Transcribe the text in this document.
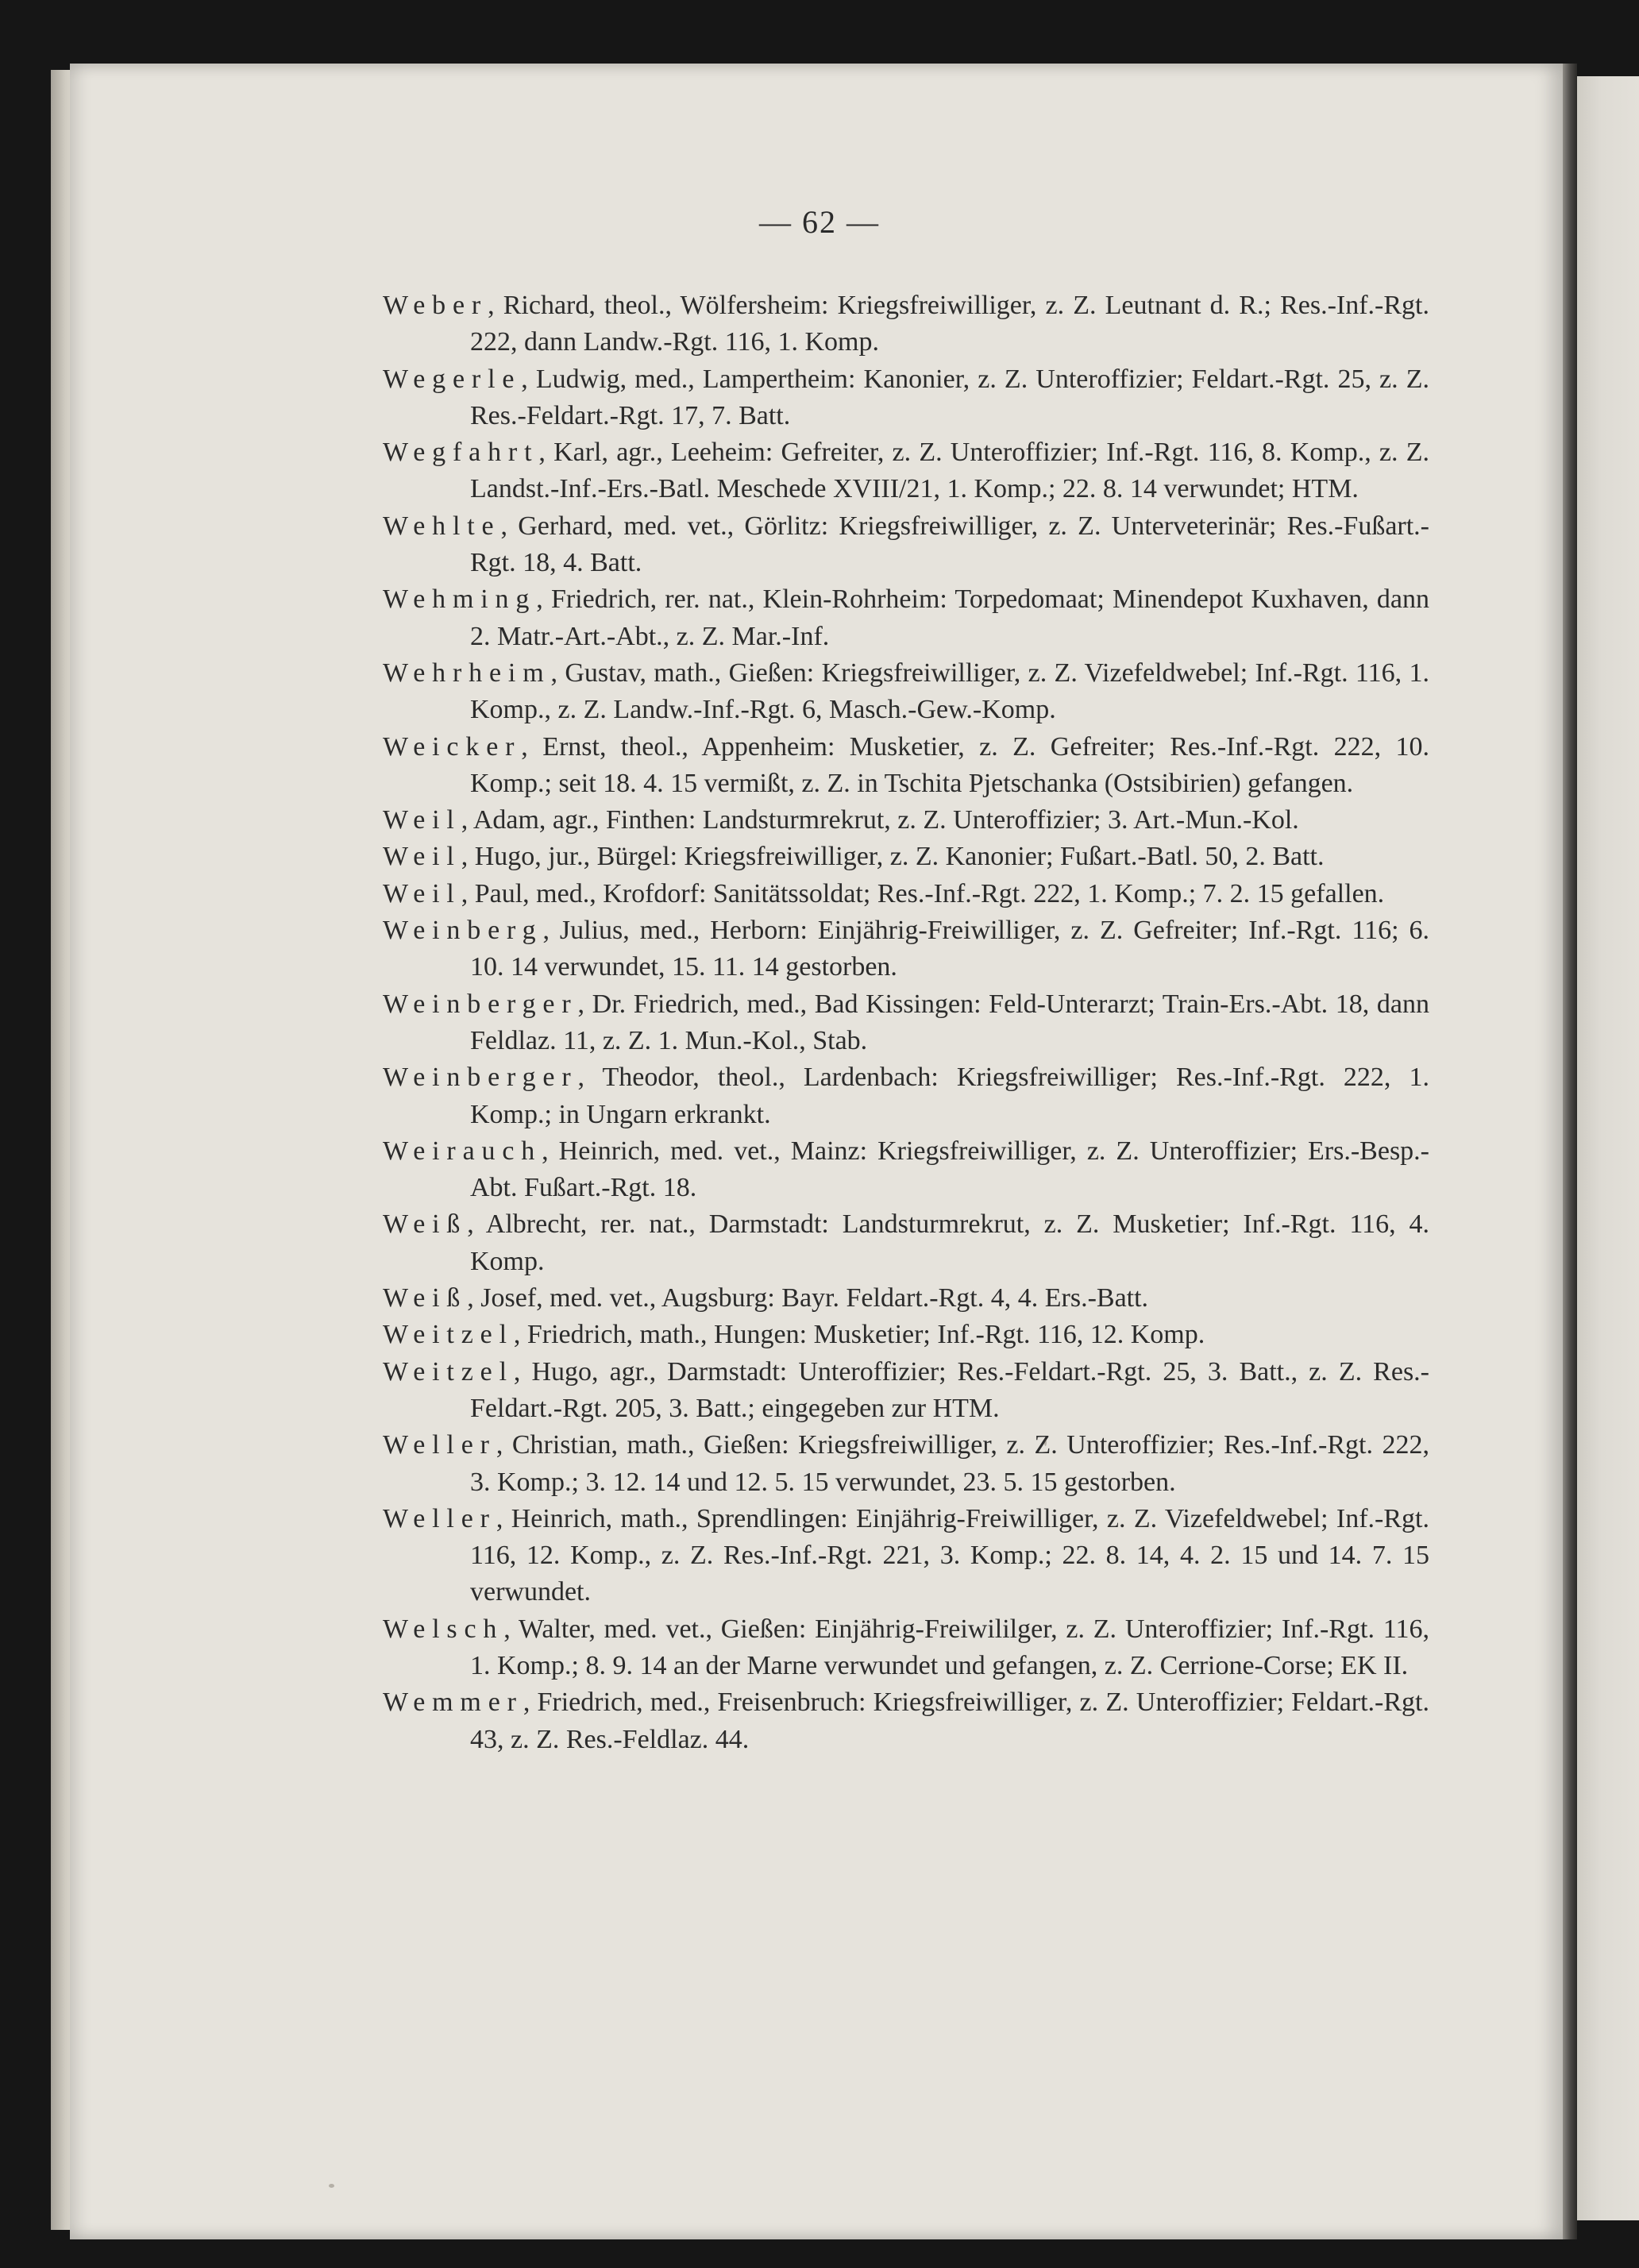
— 62 —

Weber, Richard, theol., Wölfersheim: Kriegsfreiwilliger, z. Z. Leutnant d. R.; Res.-Inf.-Rgt. 222, dann Landw.-Rgt. 116, 1. Komp.

Wegerle, Ludwig, med., Lampertheim: Kanonier, z. Z. Unteroffizier; Feldart.-Rgt. 25, z. Z. Res.-Feldart.-Rgt. 17, 7. Batt.

Wegfahrt, Karl, agr., Leeheim: Gefreiter, z. Z. Unteroffizier; Inf.-Rgt. 116, 8. Komp., z. Z. Landst.-Inf.-Ers.-Batl. Meschede XVIII/21, 1. Komp.; 22. 8. 14 verwundet; HTM.

Wehlte, Gerhard, med. vet., Görlitz: Kriegsfreiwilliger, z. Z. Unterveterinär; Res.-Fußart.-Rgt. 18, 4. Batt.

Wehming, Friedrich, rer. nat., Klein-Rohrheim: Torpedomaat; Minendepot Kuxhaven, dann 2. Matr.-Art.-Abt., z. Z. Mar.-Inf.

Wehrheim, Gustav, math., Gießen: Kriegsfreiwilliger, z. Z. Vizefeldwebel; Inf.-Rgt. 116, 1. Komp., z. Z. Landw.-Inf.-Rgt. 6, Masch.-Gew.-Komp.

Weicker, Ernst, theol., Appenheim: Musketier, z. Z. Gefreiter; Res.-Inf.-Rgt. 222, 10. Komp.; seit 18. 4. 15 vermißt, z. Z. in Tschita Pjetschanka (Ostsibirien) gefangen.

Weil, Adam, agr., Finthen: Landsturmrekrut, z. Z. Unteroffizier; 3. Art.-Mun.-Kol.

Weil, Hugo, jur., Bürgel: Kriegsfreiwilliger, z. Z. Kanonier; Fußart.-Batl. 50, 2. Batt.

Weil, Paul, med., Krofdorf: Sanitätssoldat; Res.-Inf.-Rgt. 222, 1. Komp.; 7. 2. 15 gefallen.

Weinberg, Julius, med., Herborn: Einjährig-Freiwilliger, z. Z. Gefreiter; Inf.-Rgt. 116; 6. 10. 14 verwundet, 15. 11. 14 gestorben.

Weinberger, Dr. Friedrich, med., Bad Kissingen: Feld-Unterarzt; Train-Ers.-Abt. 18, dann Feldlaz. 11, z. Z. 1. Mun.-Kol., Stab.

Weinberger, Theodor, theol., Lardenbach: Kriegsfreiwilliger; Res.-Inf.-Rgt. 222, 1. Komp.; in Ungarn erkrankt.

Weirauch, Heinrich, med. vet., Mainz: Kriegsfreiwilliger, z. Z. Unteroffizier; Ers.-Besp.-Abt. Fußart.-Rgt. 18.

Weiß, Albrecht, rer. nat., Darmstadt: Landsturmrekrut, z. Z. Musketier; Inf.-Rgt. 116, 4. Komp.

Weiß, Josef, med. vet., Augsburg: Bayr. Feldart.-Rgt. 4, 4. Ers.-Batt.

Weitzel, Friedrich, math., Hungen: Musketier; Inf.-Rgt. 116, 12. Komp.

Weitzel, Hugo, agr., Darmstadt: Unteroffizier; Res.-Feldart.-Rgt. 25, 3. Batt., z. Z. Res.-Feldart.-Rgt. 205, 3. Batt.; eingegeben zur HTM.

Weller, Christian, math., Gießen: Kriegsfreiwilliger, z. Z. Unteroffizier; Res.-Inf.-Rgt. 222, 3. Komp.; 3. 12. 14 und 12. 5. 15 verwundet, 23. 5. 15 gestorben.

Weller, Heinrich, math., Sprendlingen: Einjährig-Freiwilliger, z. Z. Vizefeldwebel; Inf.-Rgt. 116, 12. Komp., z. Z. Res.-Inf.-Rgt. 221, 3. Komp.; 22. 8. 14, 4. 2. 15 und 14. 7. 15 verwundet.

Welsch, Walter, med. vet., Gießen: Einjährig-Freiwililger, z. Z. Unteroffizier; Inf.-Rgt. 116, 1. Komp.; 8. 9. 14 an der Marne verwundet und gefangen, z. Z. Cerrione-Corse; EK II.

Wemmer, Friedrich, med., Freisenbruch: Kriegsfreiwilliger, z. Z. Unteroffizier; Feldart.-Rgt. 43, z. Z. Res.-Feldlaz. 44.
